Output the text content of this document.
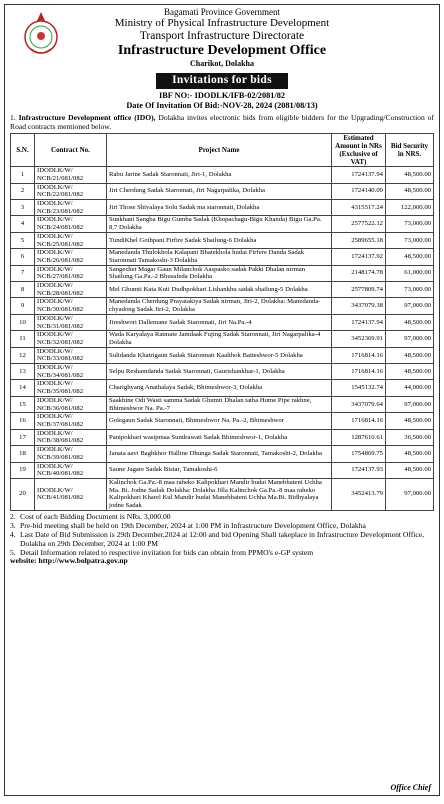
Bagamati Province Government
Ministry of Physical Infrastructure Development
Transport Infrastructure Directorate
Infrastructure Development Office
Charikot, Dolakha
Invitations for bids
IBF NO:- IDODLK/IFB-02/2081/82
Date Of Invitation Of Bid:-NOV-28, 2024 (2081/08/13)
1. Infrastructure Development office (IDO), Dolakha invites electronic bids from eligible bidders for the Upgrading/Construction of Road contracts mentioned below.
S.N.	Contract No.	Project Name	Estimated Amount in NRs (Exclusive of VAT)	Bid Security in NRS.
1	IDODLK/W/ NCB/21/081/082	Rabu Jarine Sadak Staronnati, Jiri-1, Dolakha	1724137.94	48,500.00
2	IDODLK/W/ NCB/22/081/082	Jiri Cherdung Sadak Staronnati, Jiri Nagarpalika, Dolakha	1724140.09	48,500.00
3	IDODLK/W/ NCB/23/081/082	Jiri Those Shivalaya Solu Sadak ma staronnati, Dolakha	4315517.24	122,000.00
4	IDODLK/W/ NCB/24/081/082	Sunkhani Sangba Bigu Gumba Sadak (Khopachagu-Bigu Khanda) Bigu Ga.Pa. 8,7 Dolakha	2577522.12	73,000.00
5	IDODLK/W/ NCB/25/081/082	TundiKhel Gothpani Firfire Sadak Shailung-6 Dolakha	2589655.18	73,000.00
6	IDODLK/W/ NCB/26/081/082	Manedanda Thulokhola Kalapani Bhatekhola hudai Firfere Danda Sadak Staronnati Tamakoshi-3 Dolakha	1724137.92	48,500.00
7	IDODLK/W/ NCB/27/081/082	Sangechet Magar Gaun Milanchok Aaspasko sadak Pakki Dhalan nirman Shailung Ga.Pa.-2 Bhusafeda Dolakha	2148174.78	61,000.00
8	IDODLK/W/ NCB/28/081/082	Mel Ghumti Kata Kuti Dudhpokhari Lishankhu sadak shailung-5 Dolakha	2577809.74	73,000.00
9	IDODLK/W/ NCB/30/081/082	Manedanda Cherdung Prayatakiya Sadak nirman, Jiri-2, Dolakha: Manedanda-chyadong Sadak Jiri-2, Dolakha	3437079.38	97,000.00
10	IDODLK/W/ NCB/31/081/082	Jireshwori Dallemane Sadak Staronnati, Jiri Na.Pa.-4	1724137.94	48,500.00
11	IDODLK/W/ NCB/32/081/082	Wada Karyalaya Ratmate Jamdaak Fujing Sadak Staronnati, Jiri Nagarpalika-4 Dolakha	3452369.91	97,000.00
12	IDODLK/W/ NCB/33/081/082	Sulidanda Khatrigaun Sadak Staronnati Kaalthok Baiteshwor-5 Dolakha	1716814.16	48,500.00
13	IDODLK/W/ NCB/34/081/082	Selpu Reshamdanda Sadak Staronnati, Gaurishankhar-1, Dolakha	1716814.16	48,500.00
14	IDODLK/W/ NCB/35/081/082	Charighyang Anathalaya Sadak, Bhimeshwor-3, Dolakha	1545132.74	44,000.00
15	IDODLK/W/ NCB/36/081/082	Saakhine Odi Wasti samma Sadak Ghumti Dhalan tatha Hume Pipe rakhne, Bhimeshwor Na. Pa.-7	3437079.64	97,000.00
16	IDODLK/W/ NCB/37/081/082	Golegaun Sadak Staronnati, Bhimeshwor Na. Pa.-2, Bhimeshwor	1716814.16	48,500.00
17	IDODLK/W/ NCB/38/081/082	Panipokhari wasipmaa Sundrawati Sadak Bhimeshwor-1, Dolakha	1287610.61	36,500.00
18	IDODLK/W/ NCB/39/081/082	Janata aavi Baghkhor Halline Dhunga Sadak Staronnati, Tamakoshi-2, Dolakha	1754869.75	48,500.00
19	IDODLK/W/ NCB/40/081/082	Saune Jagare Sadak Bistar, Tamakoshi-6	1724137.93	48,500.00
20	IDODLK/W/ NCB/41/081/082	Kalinchok Ga.Pa.-8 maa raheko Kalipokhari Mandir hudai Manebhateni Uchha Ma. Bi. Jodne Sadak Dolakha: Dolakha Jilla Kalinchok Ga.Pa.-8 maa raheko Kalipokhari Kharel Kul Mandir hudai Manebhateni Uchha Ma.Bi. Bidhyalaya jodne Sadak	3452413.79	97,000.00
2. Cost of each Bidding Document is NRs. 3,000.00
3. Pre-bid meeting shall be held on 19th December, 2024 at 1:00 PM in Infrastructure Development Office, Dolakha
4. Last Date of Bid Submission is 29th December,2024 at 12:00 and bid Opening Shall takeplace in Infrastructure Development Office, Dolakha on 29th December, 2024 at 1:00 PM
5. Detail Information related to respective invitation for bids can obtain from PPMO's e-GP system
website: http://www.bolpatra.gov.np
Office Chief
